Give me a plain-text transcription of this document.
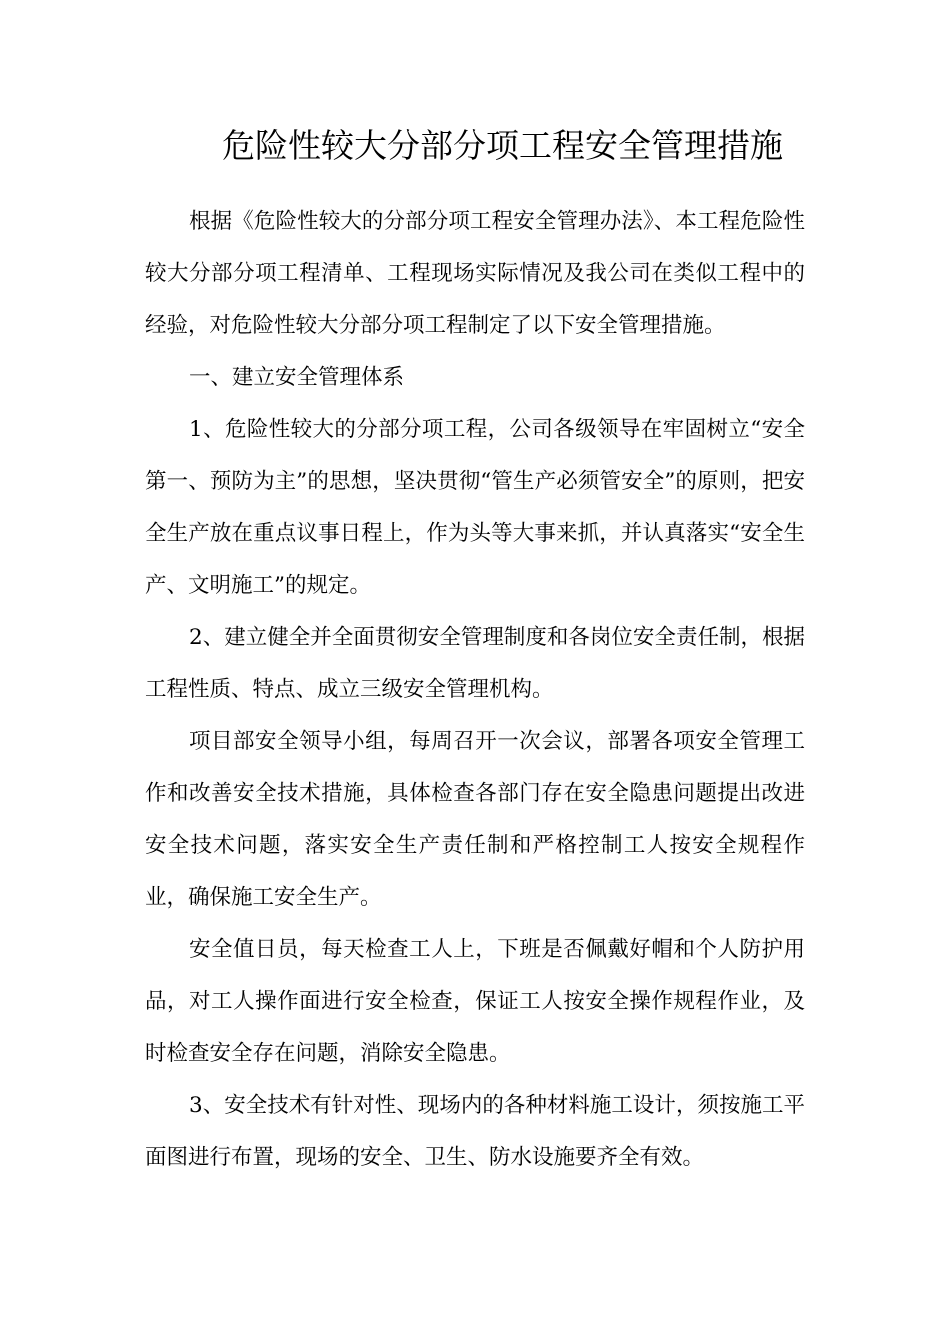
危险性较大分部分项工程安全管理措施

根据《危险性较大的分部分项工程安全管理办法》、本工程危险性较大分部分项工程清单、工程现场实际情况及我公司在类似工程中的经验，对危险性较大分部分项工程制定了以下安全管理措施。

一、建立安全管理体系

1、危险性较大的分部分项工程，公司各级领导在牢固树立“安全第一、预防为主”的思想，坚决贯彻“管生产必须管安全”的原则，把安全生产放在重点议事日程上，作为头等大事来抓，并认真落实“安全生产、文明施工”的规定。

2、建立健全并全面贯彻安全管理制度和各岗位安全责任制，根据工程性质、特点、成立三级安全管理机构。

项目部安全领导小组，每周召开一次会议，部署各项安全管理工作和改善安全技术措施，具体检查各部门存在安全隐患问题提出改进安全技术问题，落实安全生产责任制和严格控制工人按安全规程作业，确保施工安全生产。

安全值日员，每天检查工人上，下班是否佩戴好帽和个人防护用品，对工人操作面进行安全检查，保证工人按安全操作规程作业，及时检查安全存在问题，消除安全隐患。

3、安全技术有针对性、现场内的各种材料施工设计，须按施工平面图进行布置，现场的安全、卫生、防水设施要齐全有效。
